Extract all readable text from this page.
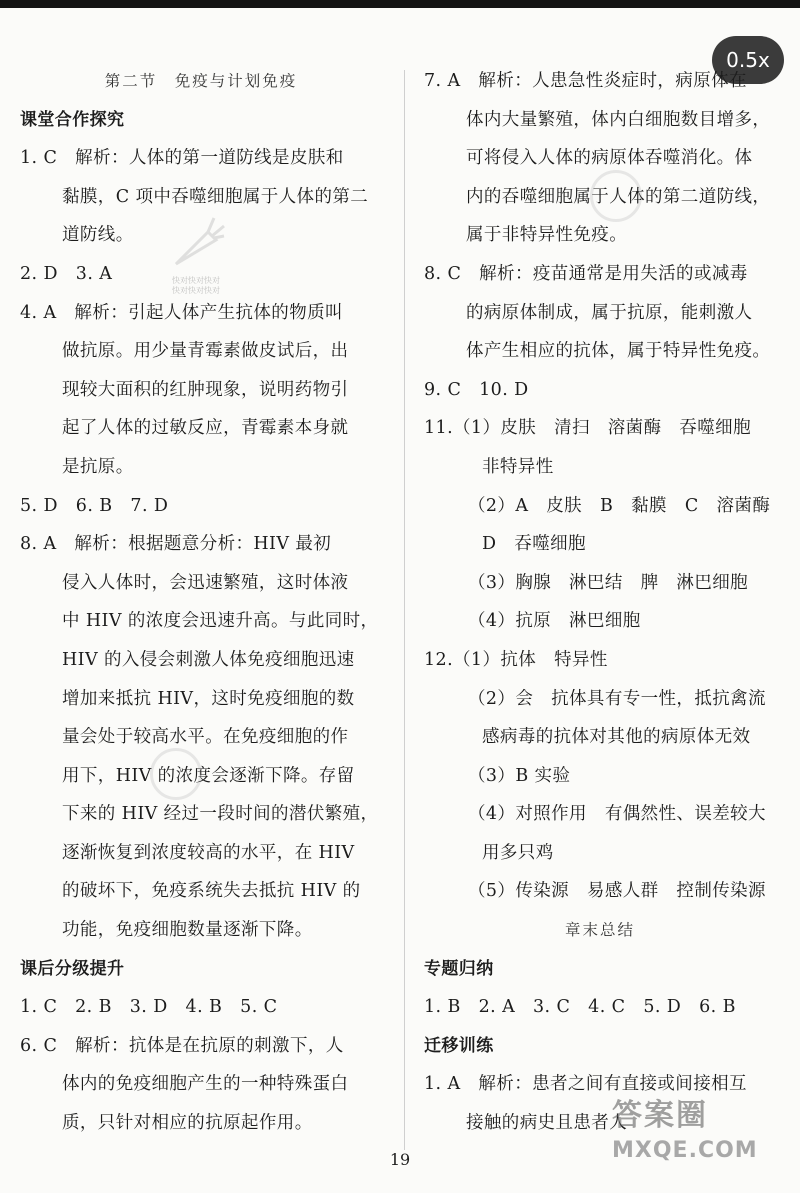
0.5x

第二节　免疫与计划免疫

课堂合作探究

1. C　解析：人体的第一道防线是皮肤和

黏膜，C 项中吞噬细胞属于人体的第二

道防线。

2. D　3. A

4. A　解析：引起人体产生抗体的物质叫

做抗原。用少量青霉素做皮试后，出

现较大面积的红肿现象，说明药物引

起了人体的过敏反应，青霉素本身就

是抗原。

5. D　6. B　7. D

8. A　解析：根据题意分析：HIV 最初

侵入人体时，会迅速繁殖，这时体液

中 HIV 的浓度会迅速升高。与此同时，

HIV 的入侵会刺激人体免疫细胞迅速

增加来抵抗 HIV，这时免疫细胞的数

量会处于较高水平。在免疫细胞的作

用下，HIV 的浓度会逐渐下降。存留

下来的 HIV 经过一段时间的潜伏繁殖，

逐渐恢复到浓度较高的水平，在 HIV

的破坏下，免疫系统失去抵抗 HIV 的

功能，免疫细胞数量逐渐下降。

课后分级提升

1. C　2. B　3. D　4. B　5. C

6. C　解析：抗体是在抗原的刺激下，人

体内的免疫细胞产生的一种特殊蛋白

质，只针对相应的抗原起作用。

7. A　解析：人患急性炎症时，病原体在

体内大量繁殖，体内白细胞数目增多，

可将侵入人体的病原体吞噬消化。体

内的吞噬细胞属于人体的第二道防线，

属于非特异性免疫。

8. C　解析：疫苗通常是用失活的或减毒

的病原体制成，属于抗原，能刺激人

体产生相应的抗体，属于特异性免疫。

9. C　10. D

11.（1）皮肤　清扫　溶菌酶　吞噬细胞

非特异性

（2）A　皮肤　B　黏膜　C　溶菌酶

D　吞噬细胞

（3）胸腺　淋巴结　脾　淋巴细胞

（4）抗原　淋巴细胞

12.（1）抗体　特异性

（2）会　抗体具有专一性，抵抗禽流

感病毒的抗体对其他的病原体无效

（3）B 实验

（4）对照作用　有偶然性、误差较大

用多只鸡

（5）传染源　易感人群　控制传染源

章末总结

专题归纳

1. B　2. A　3. C　4. C　5. D　6. B

迁移训练

1. A　解析：患者之间有直接或间接相互

接触的病史且患者人

19
快对快对快对
快对快对快对
答案圈
MXQE.COM
